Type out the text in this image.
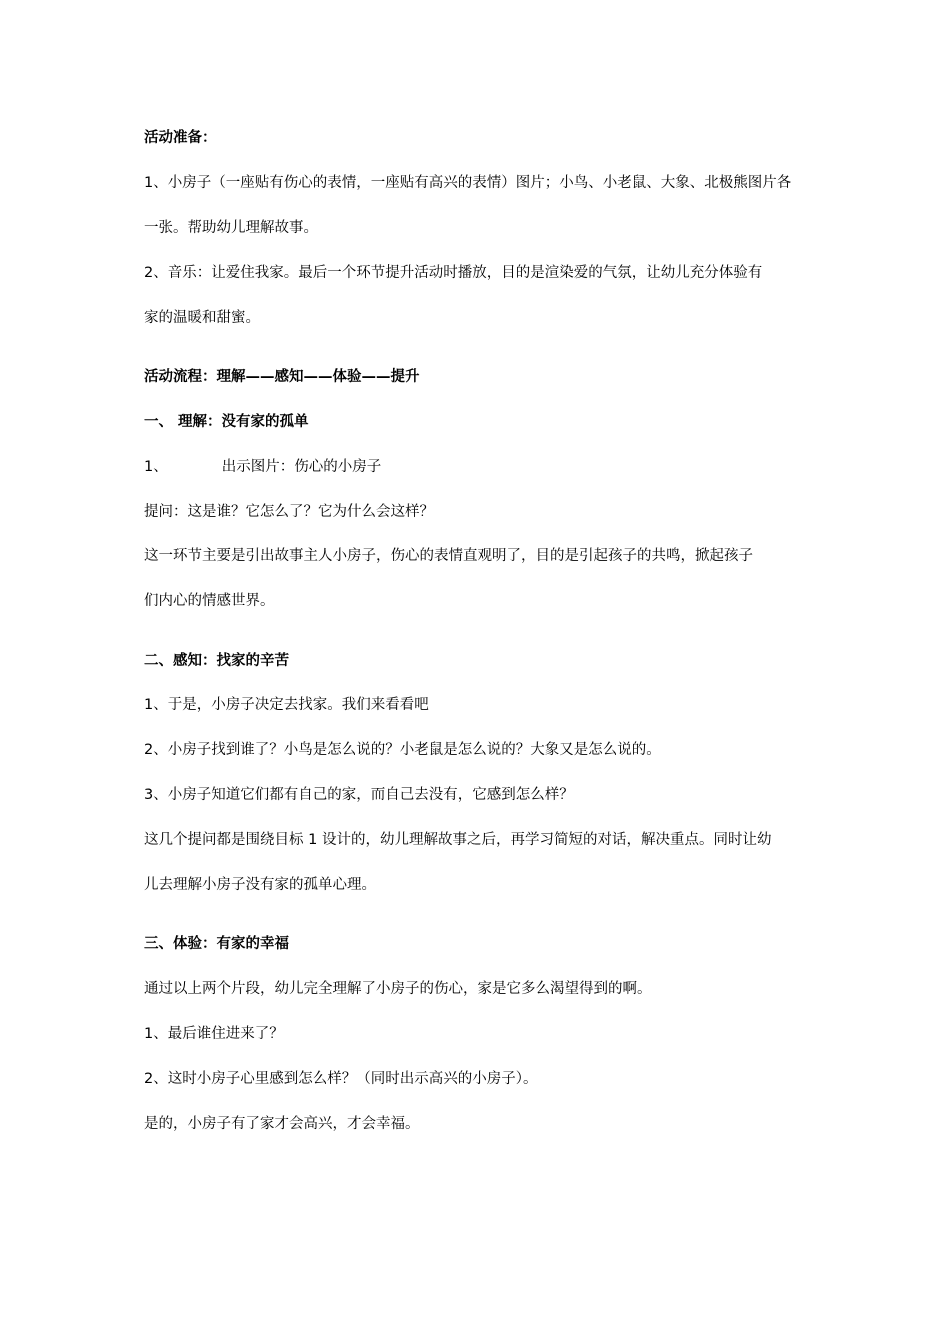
活动准备：
1、小房子（一座贴有伤心的表情，一座贴有高兴的表情）图片；小鸟、小老鼠、大象、北极熊图片各
一张。帮助幼儿理解故事。
2、音乐：让爱住我家。最后一个环节提升活动时播放，目的是渲染爱的气氛，让幼儿充分体验有
家的温暖和甜蜜。
活动流程：理解——感知——体验——提升
一、 理解：没有家的孤单
1、	出示图片：伤心的小房子
提问：这是谁？它怎么了？它为什么会这样？
这一环节主要是引出故事主人小房子，伤心的表情直观明了，目的是引起孩子的共鸣，掀起孩子
们内心的情感世界。
二、感知：找家的辛苦
1、于是，小房子决定去找家。我们来看看吧
2、小房子找到谁了？小鸟是怎么说的？小老鼠是怎么说的？大象又是怎么说的。
3、小房子知道它们都有自己的家，而自己去没有，它感到怎么样？
这几个提问都是围绕目标 1 设计的，幼儿理解故事之后，再学习简短的对话，解决重点。同时让幼
儿去理解小房子没有家的孤单心理。
三、体验：有家的幸福
通过以上两个片段，幼儿完全理解了小房子的伤心，家是它多么渴望得到的啊。
1、最后谁住进来了？
2、这时小房子心里感到怎么样？（同时出示高兴的小房子）。
是的，小房子有了家才会高兴，才会幸福。
